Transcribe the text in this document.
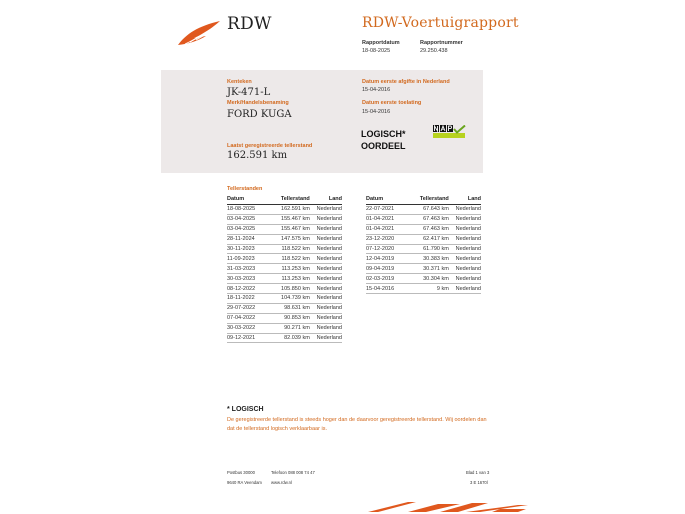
RDW	RDW-Voertuigrapport
Rapportdatum
18-08-2025
Rapportnummer
29.250.438
Kenteken
JK-471-L
Merk/Handelsbenaming
FORD KUGA
Laatst geregistreerde tellerstand
162.591 km
Datum eerste afgifte in Nederland
15-04-2016
Datum eerste toelating
15-04-2016
LOGISCH*
OORDEEL
Tellerstanden
Datum	Tellerstand	Land
18-08-2025	162.591 km	Nederland
03-04-2025	155.467 km	Nederland
03-04-2025	155.467 km	Nederland
28-11-2024	147.575 km	Nederland
30-11-2023	118.522 km	Nederland
11-09-2023	118.522 km	Nederland
31-03-2023	113.253 km	Nederland
30-03-2023	113.253 km	Nederland
08-12-2022	105.850 km	Nederland
18-11-2022	104.739 km	Nederland
29-07-2022	98.631 km	Nederland
07-04-2022	90.853 km	Nederland
30-03-2022	90.271 km	Nederland
09-12-2021	82.039 km	Nederland
Datum	Tellerstand	Land
22-07-2021	67.643 km	Nederland
01-04-2021	67.463 km	Nederland
01-04-2021	67.463 km	Nederland
23-12-2020	62.417 km	Nederland
07-12-2020	61.790 km	Nederland
12-04-2019	30.383 km	Nederland
09-04-2019	30.371 km	Nederland
02-03-2019	30.304 km	Nederland
15-04-2016	9 km	Nederland
* LOGISCH
De geregistreerde tellerstand is steeds hoger dan de daarvoor geregistreerde tellerstand. Wij oordelen dan dat de tellerstand logisch verklaarbaar is.
Postbus 30000
9640 RA Veendam
Telefoon 088 008 74 47
www.rdw.nl
Blad 1 van 3
3 E 1670l
